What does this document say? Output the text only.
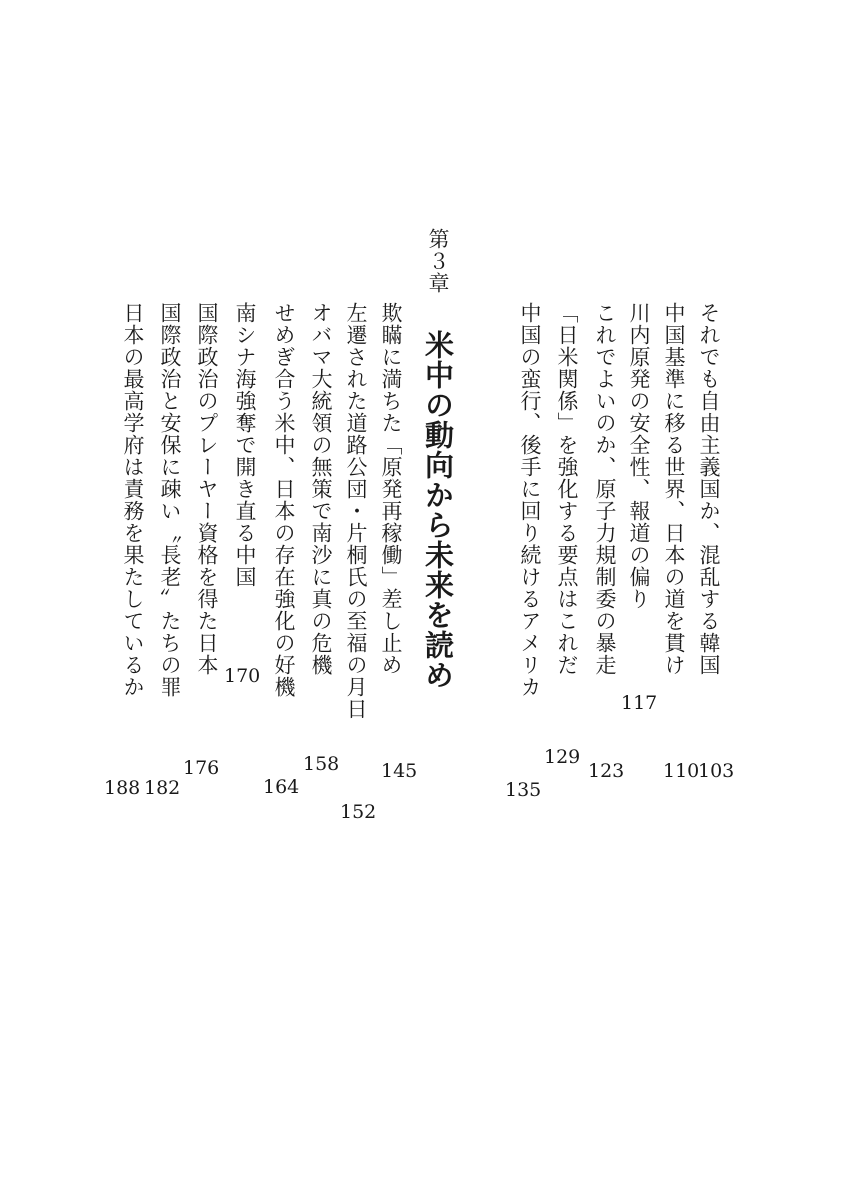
それでも自由主義国か、混乱する韓国
中国基準に移る世界、日本の道を貫け
川内原発の安全性、報道の偏り
これでよいのか、原子力規制委の暴走
「日米関係」を強化する要点はこれだ
中国の蛮行、後手に回り続けるアメリカ
第３章
米中の動向から未来を読め
欺瞞に満ちた「原発再稼働」差し止め
左遷された道路公団・片桐氏の至福の月日
オバマ大統領の無策で南沙に真の危機
せめぎ合う米中、日本の存在強化の好機
南シナ海強奪で開き直る中国
国際政治のプレーヤー資格を得た日本
国際政治と安保に疎い〝長老〟たちの罪
日本の最高学府は責務を果たしているか
103
110
117
123
129
135
145
152
158
164
170
176
182
188
